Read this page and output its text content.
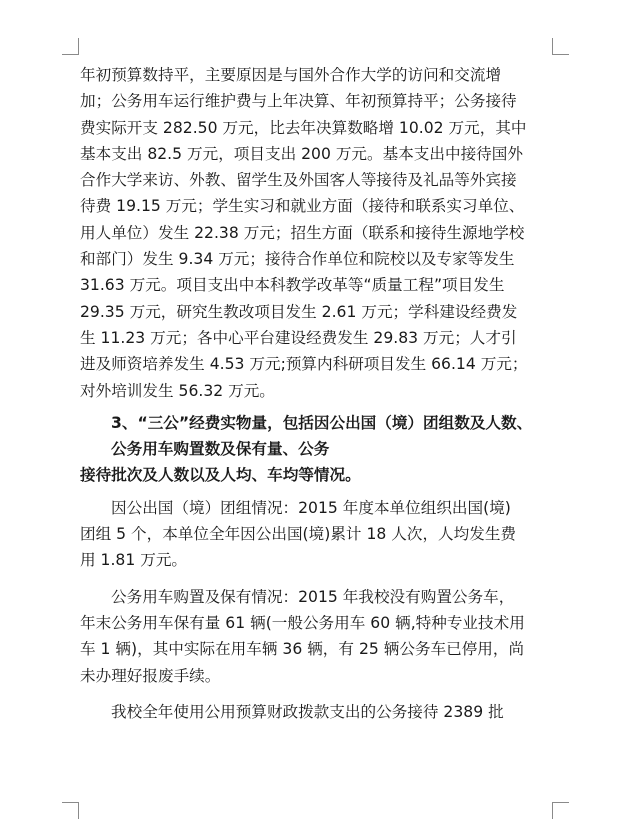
年初预算数持平，主要原因是与国外合作大学的访问和交流增
加；公务用车运行维护费与上年决算、年初预算持平；公务接待
费实际开支 282.50 万元，比去年决算数略增 10.02 万元，其中
基本支出 82.5 万元，项目支出 200 万元。基本支出中接待国外
合作大学来访、外教、留学生及外国客人等接待及礼品等外宾接
待费 19.15 万元；学生实习和就业方面（接待和联系实习单位、
用人单位）发生 22.38 万元；招生方面（联系和接待生源地学校
和部门）发生 9.34 万元；接待合作单位和院校以及专家等发生
31.63 万元。项目支出中本科教学改革等“质量工程”项目发生
29.35 万元，研究生教改项目发生 2.61 万元；学科建设经费发
生 11.23 万元；各中心平台建设经费发生 29.83 万元；人才引
进及师资培养发生 4.53 万元;预算内科研项目发生 66.14 万元；
对外培训发生 56.32 万元。
3、“三公”经费实物量，包括因公出国（境）团组数及人数、
公务用车购置数及保有量、公务
接待批次及人数以及人均、车均等情况。
因公出国（境）团组情况：2015 年度本单位组织出国(境)
团组 5 个，本单位全年因公出国(境)累计 18 人次，人均发生费
用 1.81 万元。
公务用车购置及保有情况：2015 年我校没有购置公务车，
年末公务用车保有量 61 辆(一般公务用车 60 辆,特种专业技术用
车 1 辆)，其中实际在用车辆 36 辆，有 25 辆公务车已停用，尚
未办理好报废手续。
我校全年使用公用预算财政拨款支出的公务接待 2389 批
